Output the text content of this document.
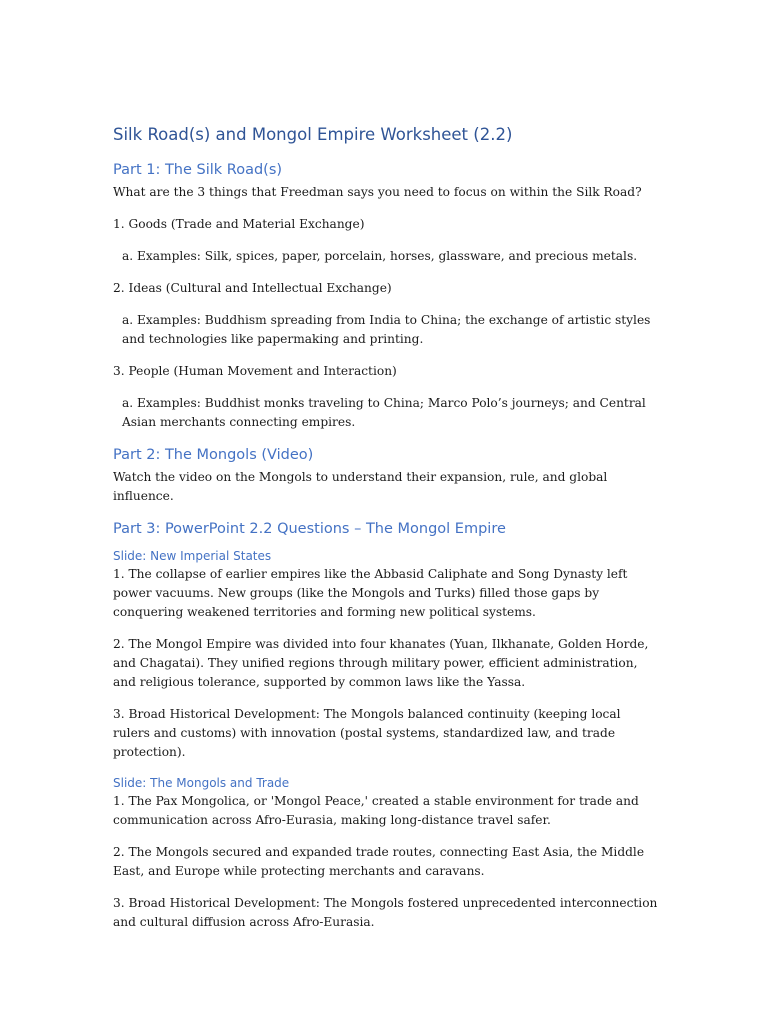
Silk Road(s) and Mongol Empire Worksheet (2.2)
Part 1: The Silk Road(s)

What are the 3 things that Freedman says you need to focus on within the Silk Road?

1. Goods (Trade and Material Exchange)

a. Examples: Silk, spices, paper, porcelain, horses, glassware, and precious metals.

2. Ideas (Cultural and Intellectual Exchange)

a. Examples: Buddhism spreading from India to China; the exchange of artistic styles and technologies like papermaking and printing.

3. People (Human Movement and Interaction)

a. Examples: Buddhist monks traveling to China; Marco Polo’s journeys; and Central Asian merchants connecting empires.

Part 2: The Mongols (Video)

Watch the video on the Mongols to understand their expansion, rule, and global influence.

Part 3: PowerPoint 2.2 Questions – The Mongol Empire
Slide: New Imperial States

1. The collapse of earlier empires like the Abbasid Caliphate and Song Dynasty left power vacuums. New groups (like the Mongols and Turks) filled those gaps by conquering weakened territories and forming new political systems.

2. The Mongol Empire was divided into four khanates (Yuan, Ilkhanate, Golden Horde, and Chagatai). They unified regions through military power, efficient administration, and religious tolerance, supported by common laws like the Yassa.

3. Broad Historical Development: The Mongols balanced continuity (keeping local rulers and customs) with innovation (postal systems, standardized law, and trade protection).

Slide: The Mongols and Trade

1. The Pax Mongolica, or 'Mongol Peace,' created a stable environment for trade and communication across Afro-Eurasia, making long-distance travel safer.

2. The Mongols secured and expanded trade routes, connecting East Asia, the Middle East, and Europe while protecting merchants and caravans.

3. Broad Historical Development: The Mongols fostered unprecedented interconnection and cultural diffusion across Afro-Eurasia.
